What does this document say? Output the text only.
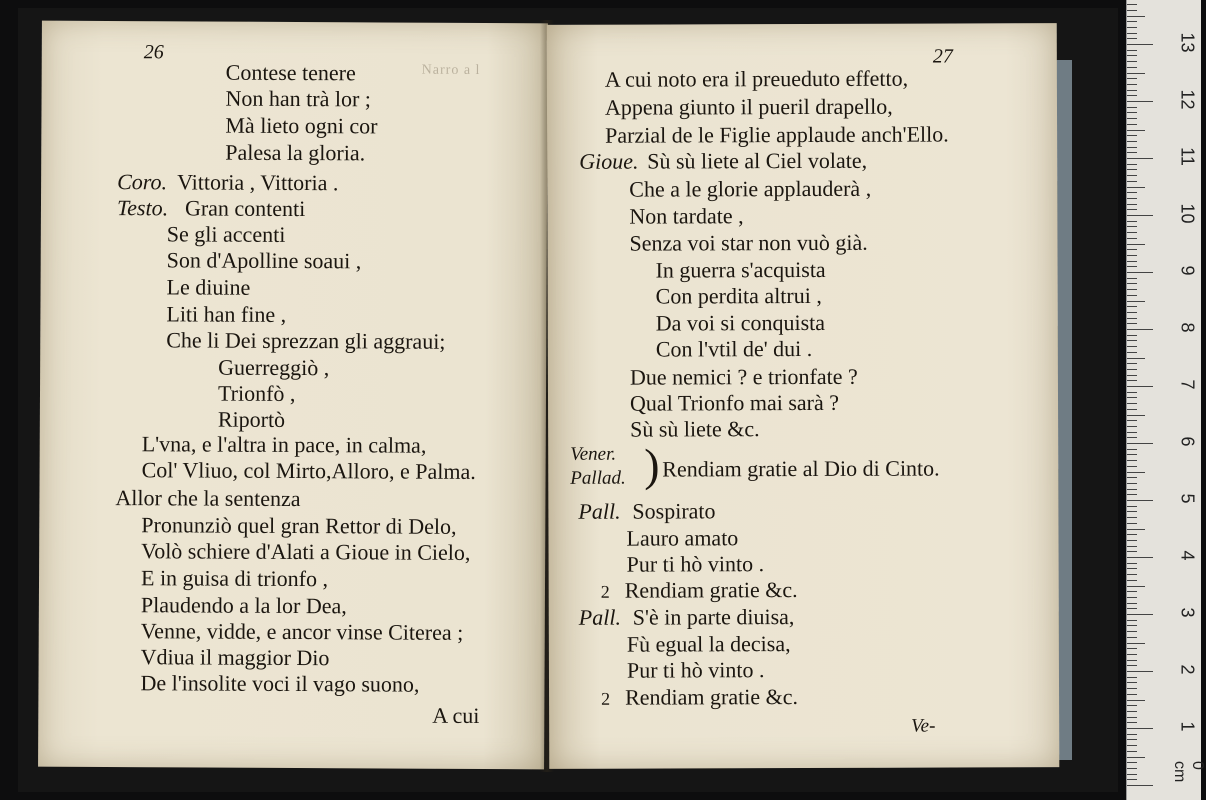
26
Narro a l
Contese tenere
Non han trà lor ;
Mà lieto ogni cor
Palesa la gloria.
Coro. Vittoria , Vittoria .
Testo. Gran contenti
Se gli accenti
Son d'Apolline soaui ,
Le diuine
Liti han fine ,
Che li Dei sprezzan gli aggraui;
Guerreggiò ,
Trionfò ,
Riportò
L'vna, e l'altra in pace, in calma,
Col' Vliuo, col Mirto,Alloro, e Palma.
Allor che la sentenza
Pronunziò quel gran Rettor di Delo,
Volò schiere d'Alati a Gioue in Cielo,
E in guisa di trionfo ,
Plaudendo a la lor Dea,
Venne, vidde, e ancor vinse Citerea ;
Vdiua il maggior Dio
De l'insolite voci il vago suono,
A cui
27
A cui noto era il preueduto effetto,
Appena giunto il pueril drapello,
Parzial de le Figlie applaude anch'Ello.
Gioue. Sù sù liete al Ciel volate,
Che a le glorie applauderà ,
Non tardate ,
Senza voi star non vuò già.
In guerra s'acquista
Con perdita altrui ,
Da voi si conquista
Con l'vtil de' dui .
Due nemici ? e trionfate ?
Qual Trionfo mai sarà ?
Sù sù liete &c.
Vener.
Pallad. ) Rendiam gratie al Dio di Cinto.
Pall. Sospirato
Lauro amato
Pur ti hò vinto .
2 Rendiam gratie &c.
Pall. S'è in parte diuisa,
Fù egual la decisa,
Pur ti hò vinto .
2 Rendiam gratie &c.
Ve-
13
12
11
10
9
8
7
6
5
4
3
2
1
0 cm
